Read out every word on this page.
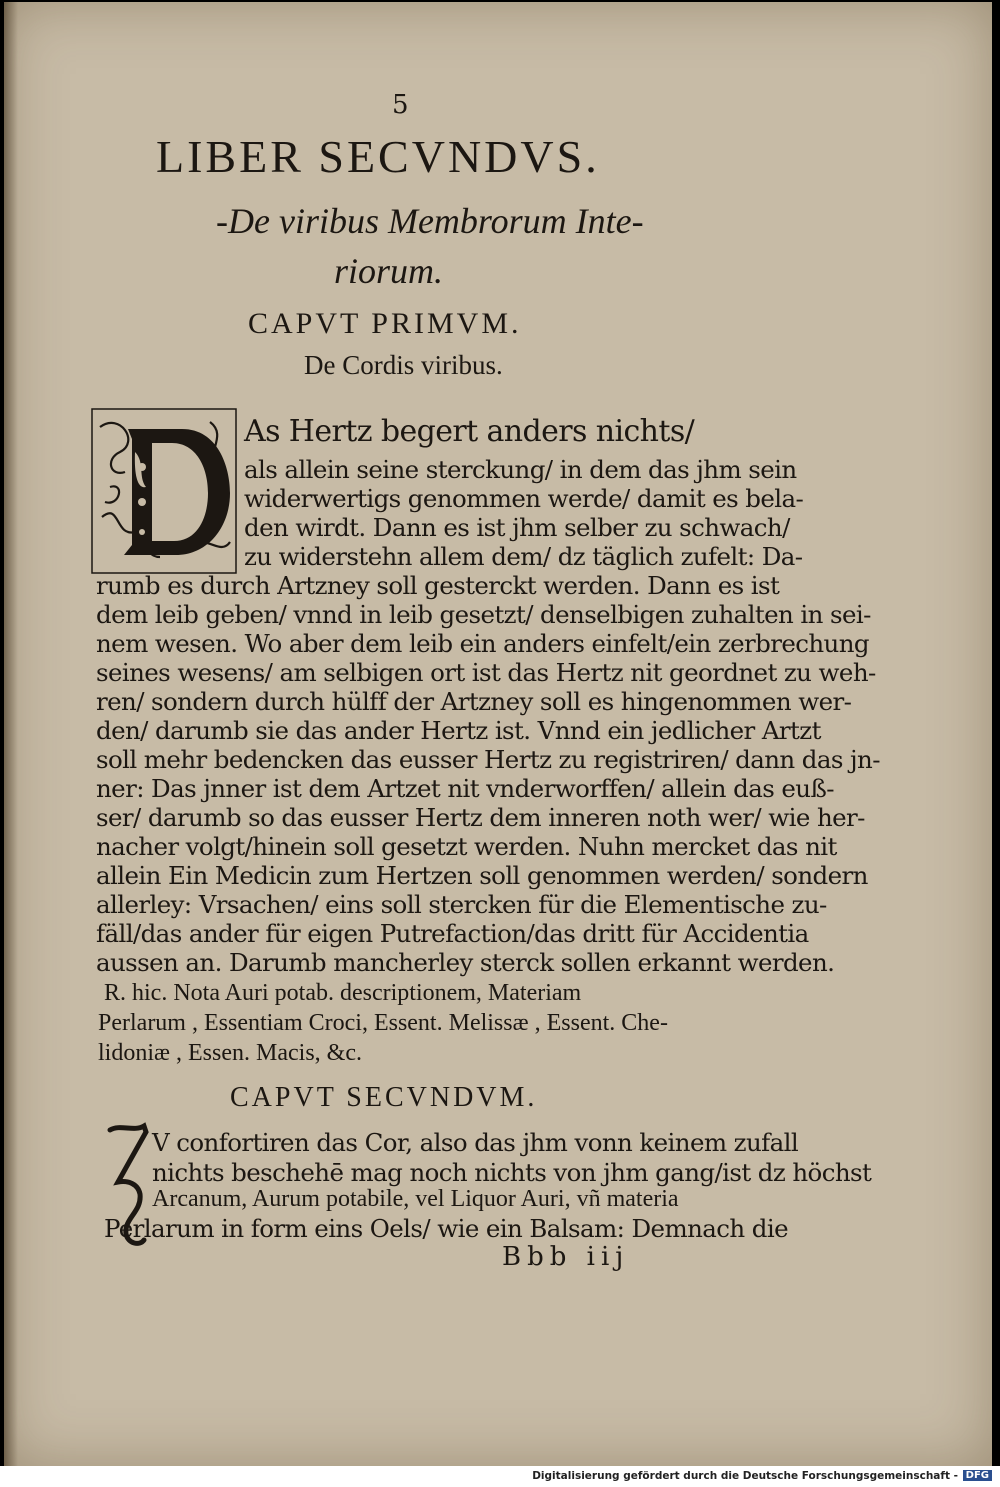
5
LIBER SECVNDVS.
-De viribus Membrorum Inte-
riorum.
CAPVT PRIMVM.
De Cordis viribus.
As Hertz begert anders nichts/
als allein seine sterckung/ in dem das jhm sein
widerwertigs genommen werde/ damit es bela-
den wirdt. Dann es ist jhm selber zu schwach/
zu widerstehn allem dem/ dz täglich zufelt: Da-
rumb es durch Artzney soll gesterckt werden. Dann es ist
dem leib geben/ vnnd in leib gesetzt/ denselbigen zuhalten in sei-
nem wesen. Wo aber dem leib ein anders einfelt/ein zerbrechung
seines wesens/ am selbigen ort ist das Hertz nit geordnet zu weh-
ren/ sondern durch hülff der Artzney soll es hingenommen wer-
den/ darumb sie das ander Hertz ist. Vnnd ein jedlicher Artzt
soll mehr bedencken das eusser Hertz zu registriren/ dann das jn-
ner: Das jnner ist dem Artzet nit vnderworffen/ allein das euß-
ser/ darumb so das eusser Hertz dem inneren noth wer/ wie her-
nacher volgt/hinein soll gesetzt werden. Nuhn mercket das nit
allein Ein Medicin zum Hertzen soll genommen werden/ sondern
allerley: Vrsachen/ eins soll stercken für die Elementische zu-
fäll/das ander für eigen Putrefaction/das dritt für Accidentia
aussen an. Darumb mancherley sterck sollen erkannt werden.
R. hic. Nota Auri potab. descriptionem, Materiam
Perlarum , Essentiam Croci, Essent. Melissæ , Essent. Che-
lidoniæ , Essen. Macis, &c.
CAPVT SECVNDVM.
V confortiren das Cor, also das jhm vonn keinem zufall
nichts beschehē mag noch nichts von jhm gang/ist dz höchst
Arcanum, Aurum potabile, vel Liquor Auri, vñ materia
Perlarum in form eins Oels/ wie ein Balsam: Demnach die
Bbb iij
Digitalisierung gefördert durch die Deutsche Forschungsgemeinschaft - DFG
